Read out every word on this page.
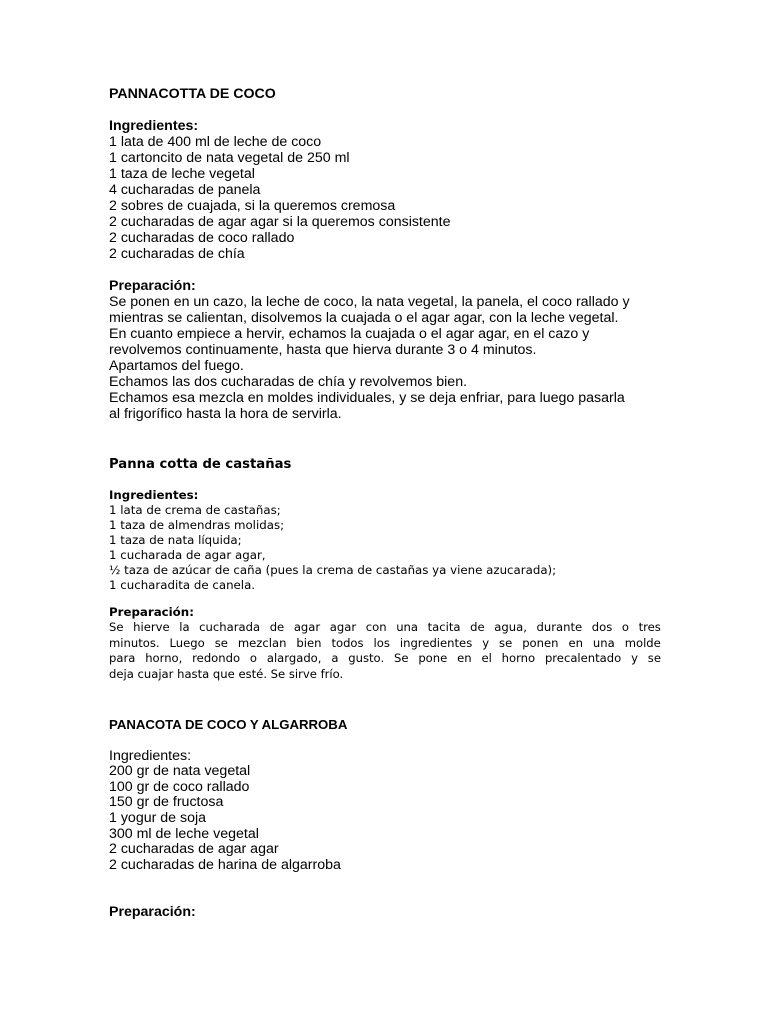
PANNACOTTA DE COCO
Ingredientes:
1 lata de 400 ml de leche de coco
1 cartoncito de nata vegetal de 250 ml
1 taza de leche vegetal
4 cucharadas de panela
2 sobres de cuajada, si la queremos cremosa
2 cucharadas de agar agar si la queremos consistente
2 cucharadas de coco rallado
2 cucharadas de chía
Preparación:
Se ponen en un cazo, la leche de coco, la nata vegetal, la panela, el coco rallado y
mientras se calientan, disolvemos la cuajada o el agar agar, con la leche vegetal.
En cuanto empiece a hervir, echamos la cuajada o el agar agar, en el cazo y
revolvemos continuamente, hasta que hierva durante 3 o 4 minutos.
Apartamos del fuego.
Echamos las dos cucharadas de chía y revolvemos bien.
Echamos esa mezcla en moldes individuales, y se deja enfriar, para luego pasarla
al frigorífico hasta la hora de servirla.
Panna cotta de castañas
Ingredientes:
1 lata de crema de castañas;
1 taza de almendras molidas;
1 taza de nata líquida;
1 cucharada de agar agar,
½ taza de azúcar de caña (pues la crema de castañas ya viene azucarada);
1 cucharadita de canela.
Preparación:
Se hierve la cucharada de agar agar con una tacita de agua, durante dos o tres
minutos. Luego se mezclan bien todos los ingredientes y se ponen en una molde
para horno, redondo o alargado, a gusto. Se pone en el horno precalentado y se
deja cuajar hasta que esté. Se sirve frío.
PANACOTA DE COCO Y ALGARROBA
Ingredientes:
200 gr de nata vegetal
100 gr de coco rallado
150 gr de fructosa
1 yogur de soja
300 ml de leche vegetal
2 cucharadas de agar agar
2 cucharadas de harina de algarroba
Preparación:
